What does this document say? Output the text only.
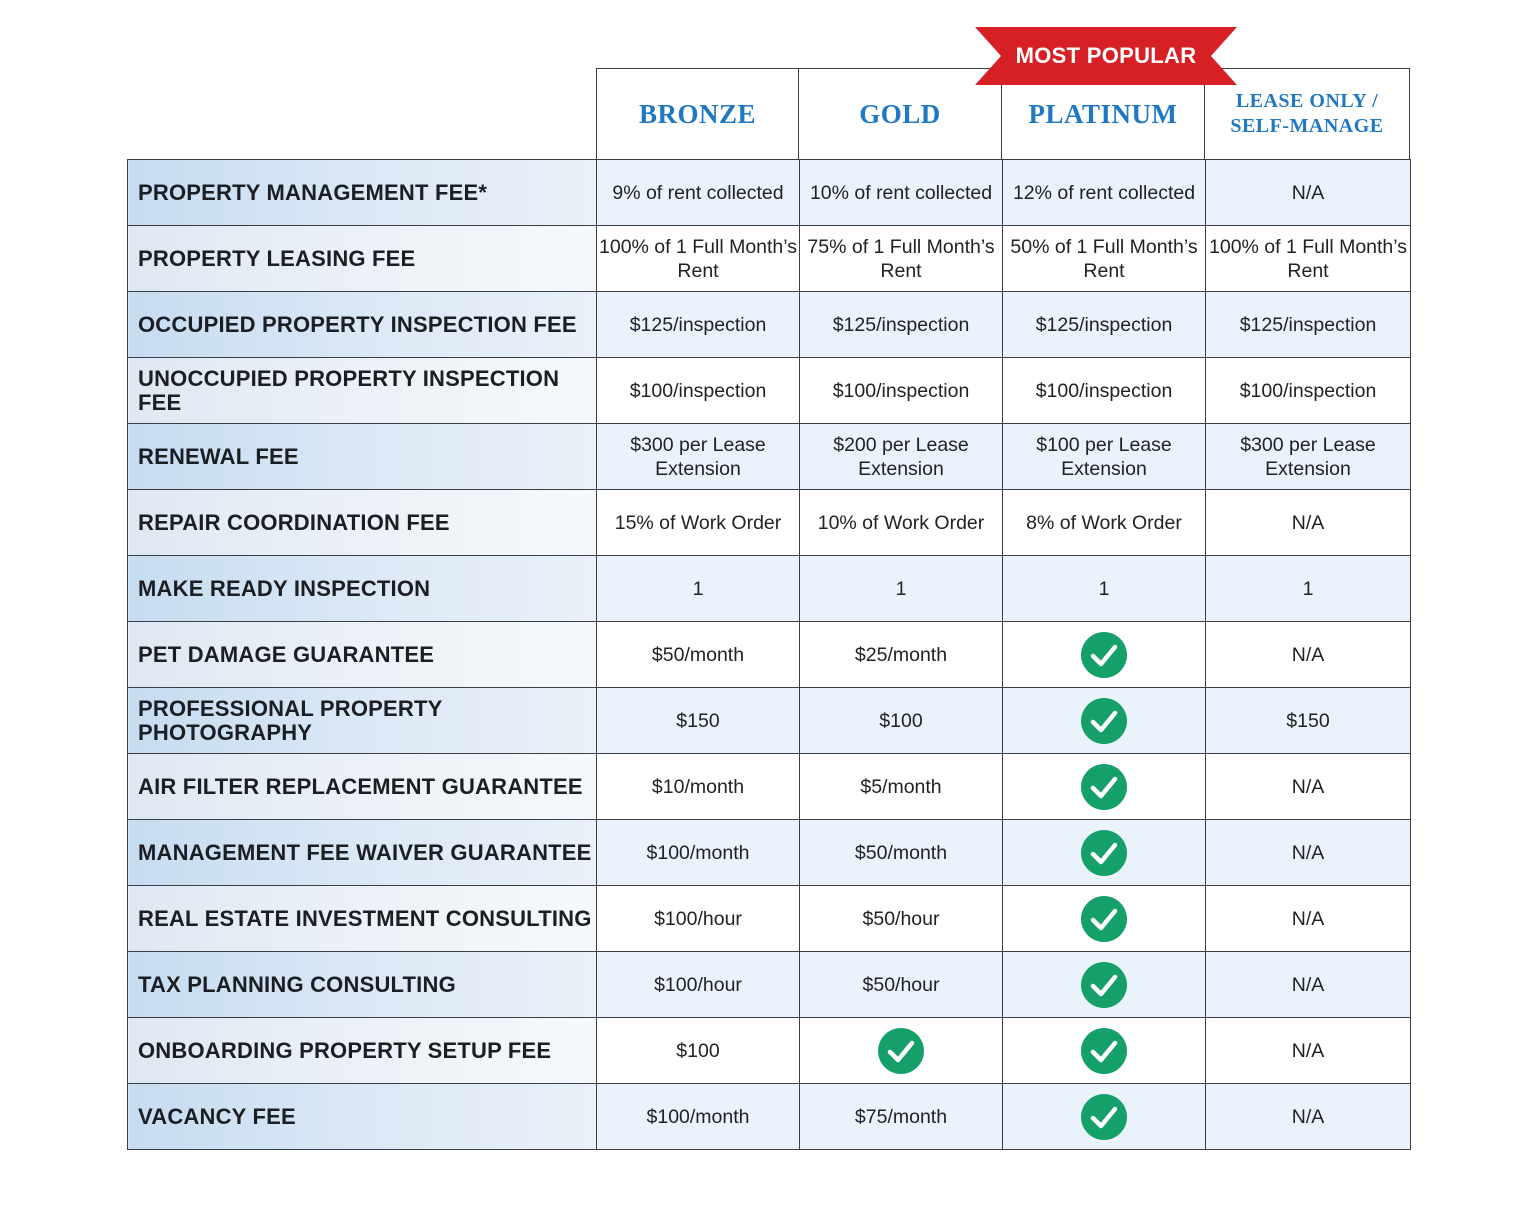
BRONZE	GOLD	PLATINUM	LEASE ONLY / SELF-MANAGE
PROPERTY MANAGEMENT FEE*	9% of rent collected	10% of rent collected	12% of rent collected	N/A
PROPERTY LEASING FEE	100% of 1 Full Month’s Rent	75% of 1 Full Month’s Rent	50% of 1 Full Month’s Rent	100% of 1 Full Month’s Rent
OCCUPIED PROPERTY INSPECTION FEE	$125/inspection	$125/inspection	$125/inspection	$125/inspection
UNOCCUPIED PROPERTY INSPECTION FEE	$100/inspection	$100/inspection	$100/inspection	$100/inspection
RENEWAL FEE	$300 per Lease Extension	$200 per Lease Extension	$100 per Lease Extension	$300 per Lease Extension
REPAIR COORDINATION FEE	15% of Work Order	10% of Work Order	8% of Work Order	N/A
MAKE READY INSPECTION	1	1	1	1
PET DAMAGE GUARANTEE	$50/month	$25/month		N/A
PROFESSIONAL PROPERTY PHOTOGRAPHY	$150	$100		$150
AIR FILTER REPLACEMENT GUARANTEE	$10/month	$5/month		N/A
MANAGEMENT FEE WAIVER GUARANTEE	$100/month	$50/month		N/A
REAL ESTATE INVESTMENT CONSULTING	$100/hour	$50/hour		N/A
TAX PLANNING CONSULTING	$100/hour	$50/hour		N/A
ONBOARDING PROPERTY SETUP FEE	$100			N/A
VACANCY FEE	$100/month	$75/month		N/A
MOST POPULAR
